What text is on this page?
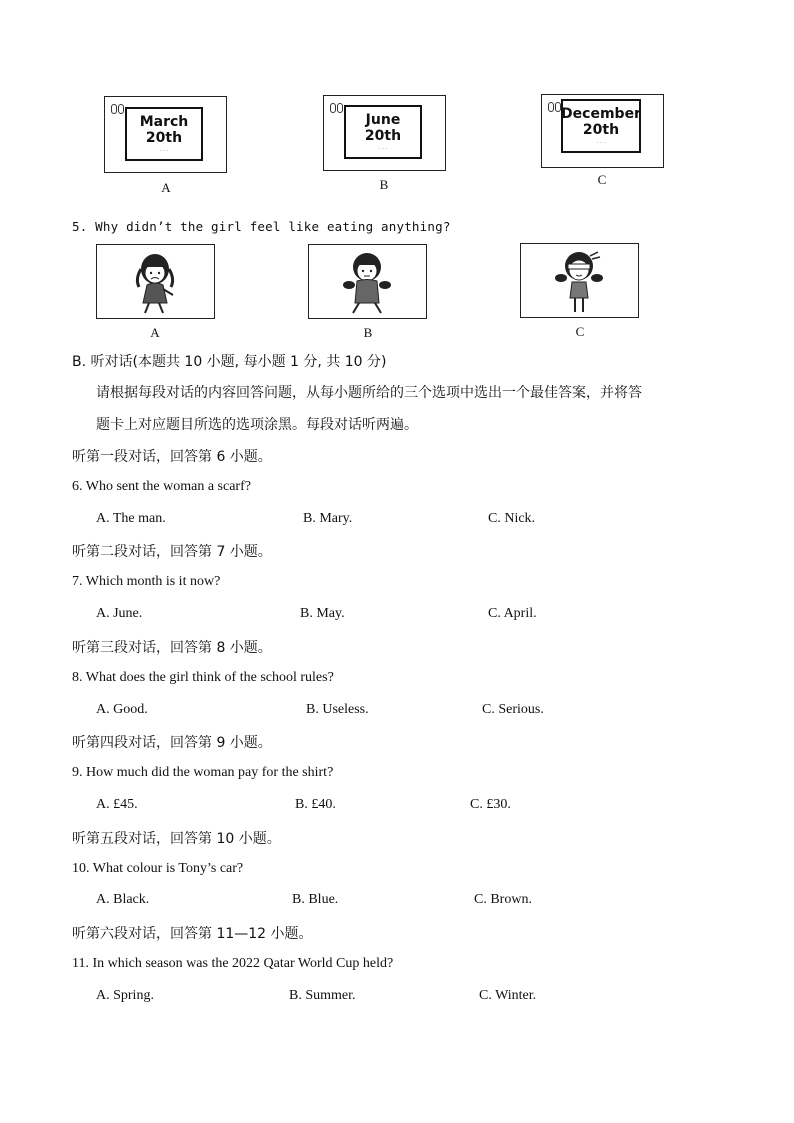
March
20th
· · ·
A
June
20th
· · ·
B
December
20th
· · ·
C
5. Why didn’t the girl feel like eating anything?
A	B	C
B. 听对话(本题共 10 小题, 每小题 1 分, 共 10 分)
请根据每段对话的内容回答问题，从每小题所给的三个选项中选出一个最佳答案，并将答
题卡上对应题目所选的选项涂黑。每段对话听两遍。
听第一段对话，回答第 6 小题。
6. Who sent the woman a scarf?
A. The man.	B. Mary.	C. Nick.
听第二段对话，回答第 7 小题。
7. Which month is it now?
A. June.	B. May.	C. April.
听第三段对话，回答第 8 小题。
8. What does the girl think of the school rules?
A. Good.	B. Useless.	C. Serious.
听第四段对话，回答第 9 小题。
9. How much did the woman pay for the shirt?
A. £45.	B. £40.	C. £30.
听第五段对话，回答第 10 小题。
10. What colour is Tony’s car?
A. Black.	B. Blue.	C. Brown.
听第六段对话，回答第 11—12 小题。
11. In which season was the 2022 Qatar World Cup held?
A. Spring.	B. Summer.	C. Winter.
